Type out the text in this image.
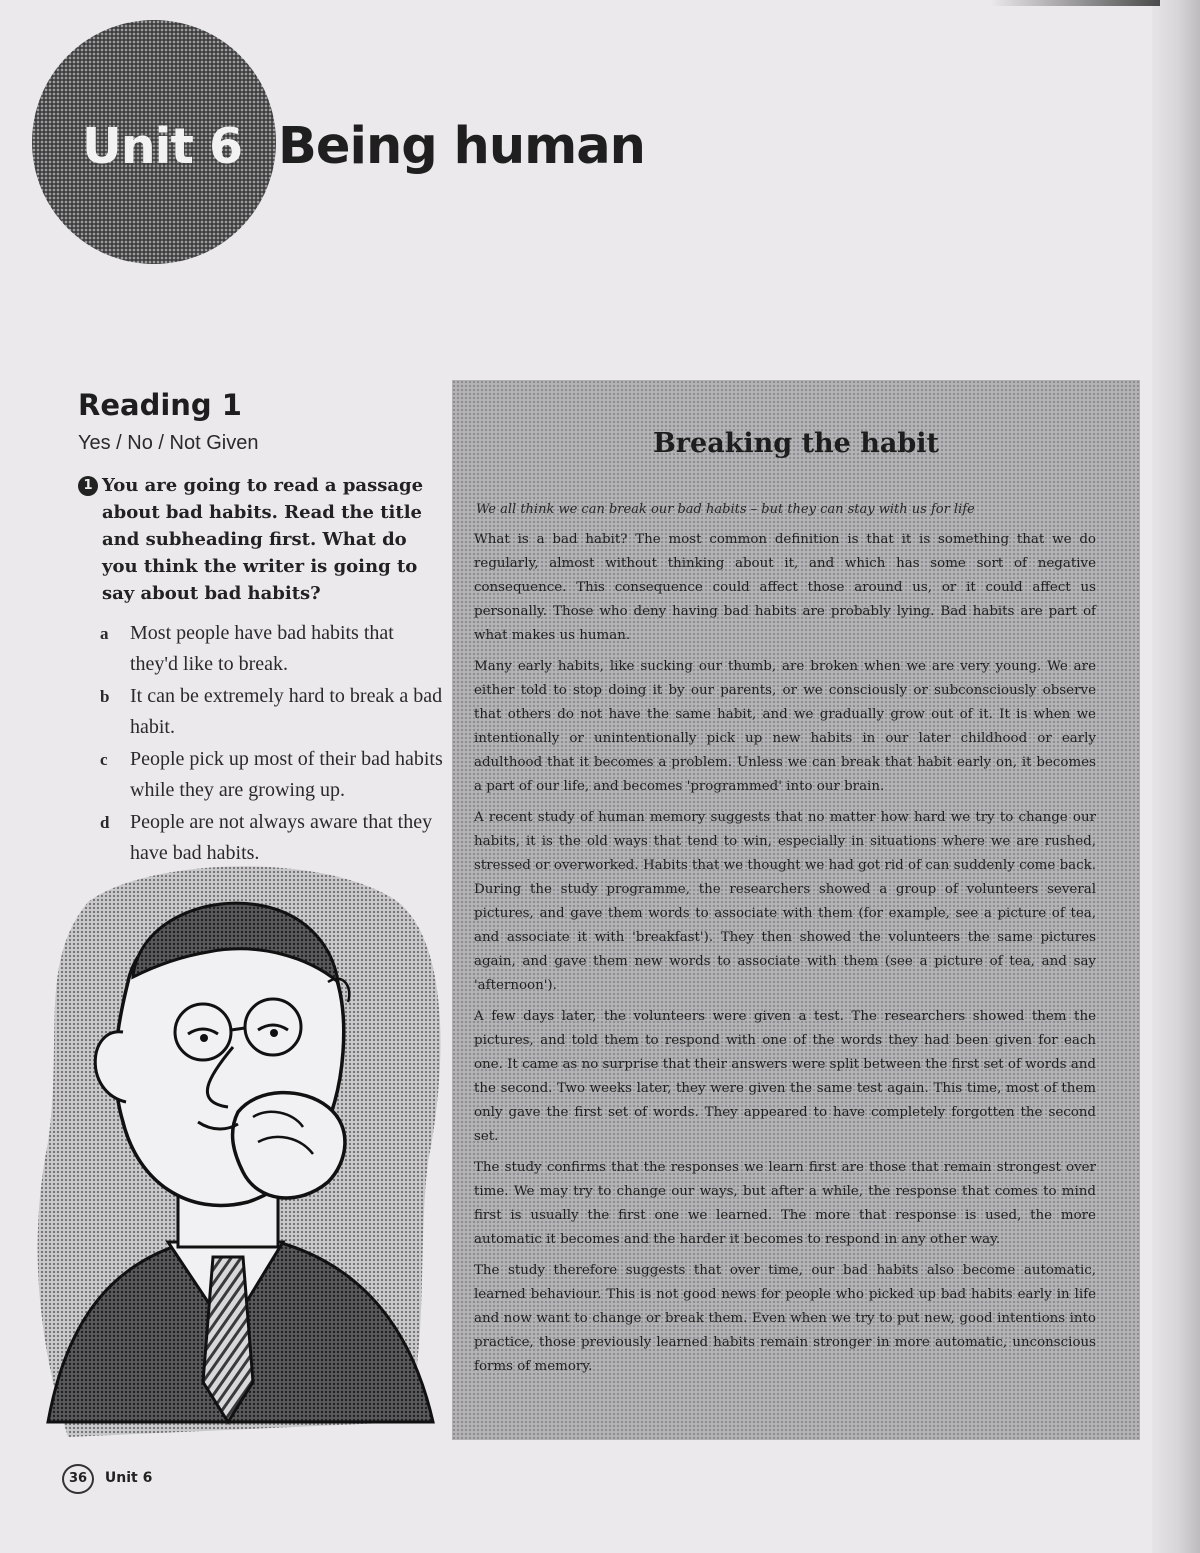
Unit 6 Being human
Reading 1
Yes / No / Not Given
1 You are going to read a passage about bad habits. Read the title and subheading first. What do you think the writer is going to say about bad habits?
a	Most people have bad habits that they'd like to break.
b	It can be extremely hard to break a bad habit.
c	People pick up most of their bad habits while they are growing up.
d	People are not always aware that they have bad habits.
Breaking the habit
We all think we can break our bad habits – but they can stay with us for life

What is a bad habit? The most common definition is that it is something that we do regularly, almost without thinking about it, and which has some sort of negative consequence. This consequence could affect those around us, or it could affect us personally. Those who deny having bad habits are probably lying. Bad habits are part of what makes us human.

Many early habits, like sucking our thumb, are broken when we are very young. We are either told to stop doing it by our parents, or we consciously or subconsciously observe that others do not have the same habit, and we gradually grow out of it. It is when we intentionally or unintentionally pick up new habits in our later childhood or early adulthood that it becomes a problem. Unless we can break that habit early on, it becomes a part of our life, and becomes 'programmed' into our brain.

A recent study of human memory suggests that no matter how hard we try to change our habits, it is the old ways that tend to win, especially in situations where we are rushed, stressed or overworked. Habits that we thought we had got rid of can suddenly come back. During the study programme, the researchers showed a group of volunteers several pictures, and gave them words to associate with them (for example, see a picture of tea, and associate it with 'breakfast'). They then showed the volunteers the same pictures again, and gave them new words to associate with them (see a picture of tea, and say 'afternoon').

A few days later, the volunteers were given a test. The researchers showed them the pictures, and told them to respond with one of the words they had been given for each one. It came as no surprise that their answers were split between the first set of words and the second. Two weeks later, they were given the same test again. This time, most of them only gave the first set of words. They appeared to have completely forgotten the second set.

The study confirms that the responses we learn first are those that remain strongest over time. We may try to change our ways, but after a while, the response that comes to mind first is usually the first one we learned. The more that response is used, the more automatic it becomes and the harder it becomes to respond in any other way.

The study therefore suggests that over time, our bad habits also become automatic, learned behaviour. This is not good news for people who picked up bad habits early in life and now want to change or break them. Even when we try to put new, good intentions into practice, those previously learned habits remain stronger in more automatic, unconscious forms of memory.

36 Unit 6
